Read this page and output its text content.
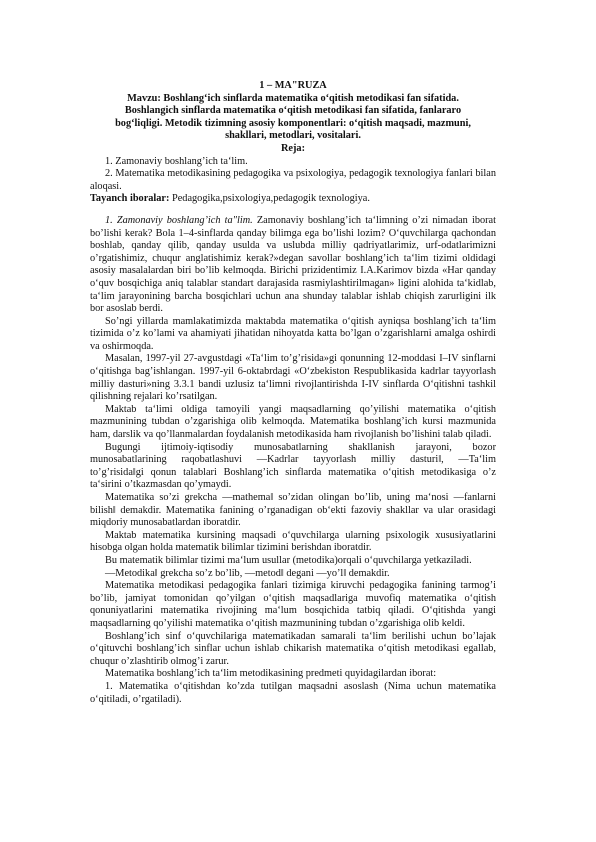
1 – MA"RUZA

Mavzu: Boshlang‘ich sinflarda matematika o‘qitish metodikasi fan sifatida.

Boshlangich sinflarda matematika o‘qitish metodikasi fan sifatida, fanlararo

bog‘liqligi. Metodik tizimning asosiy komponentlari: o‘qitish maqsadi, mazmuni,

shakllari, metodlari, vositalari.

Reja:

1. Zamonaviy boshlang’ich ta‘lim.

2. Matematika metodikasining pedagogika va psixologiya, pedagogik texnologiya fanlari bilan aloqasi.

Tayanch iboralar: Pedagogika,psixologiya,pedagogik texnologiya.

1. Zamonaviy boshlang’ich ta"lim. Zamonaviy boshlang’ich ta‘limning o’zi nimadan iborat bo’lishi kerak? Bola 1–4-sinflarda qanday bilimga ega bo’lishi lozim? O‘quvchilarga qachondan boshlab, qanday qilib, qanday usulda va uslubda milliy qadriyatlarimiz, urf-odatlarimizni o’rgatishimiz, chuqur anglatishimiz kerak?»degan savollar boshlang’ich ta‘lim tizimi oldidagi asosiy masalalardan biri bo’lib kelmoqda. Birichi prizidentimiz I.A.Karimov bizda «Har qanday o‘quv bosqichiga aniq talablar standart darajasida rasmiylashtirilmagan» ligini alohida ta‘kidlab, ta‘lim jarayonining barcha bosqichlari uchun ana shunday talablar ishlab chiqish zarurligini ilk bor asoslab berdi.

So’ngi yillarda mamlakatimizda maktabda matematika o‘qitish ayniqsa boshlang’ich ta‘lim tizimida o’z ko’lami va ahamiyati jihatidan nihoyatda katta bo’lgan o’zgarishlarni amalga oshirdi va oshirmoqda.

Masalan, 1997-yil 27-avgustdagi «Ta‘lim to’g’risida»gi qonunning 12-moddasi I–IV sinflarni o‘qitishga bag’ishlangan. 1997-yil 6-oktabrdagi «O‘zbekiston Respublikasida kadrlar tayyorlash milliy dasturi»ning 3.3.1 bandi uzlusiz ta‘limni rivojlantirishda I-IV sinflarda O‘qitishni tashkil qilishning rejalari ko’rsatilgan.

Maktab ta‘limi oldiga tamoyili yangi maqsadlarning qo’yilishi matematika o‘qitish mazmunining tubdan o’zgarishiga olib kelmoqda. Matematika boshlang’ich kursi mazmunida ham, darslik va qo’llanmalardan foydalanish metodikasida ham rivojlanish bo’lishini talab qiladi.

Bugungi ijtimoiy-iqtisodiy munosabatlarning shakllanish jarayoni, bozor

munosabatlarining raqobatlashuvi ―Kadrlar tayyorlash milliy dasturi‖, ―Ta‘lim

to’g’risida‖gi qonun talablari Boshlang’ich sinflarda matematika o‘qitish metodikasiga o’z ta‘sirini o’tkazmasdan qo’ymaydi.

Matematika so’zi grekcha ―mathema‖ so’zidan olingan bo’lib, uning ma‘nosi ―fanlarni bilish‖ demakdir. Matematika fanining o’rganadigan ob‘ekti fazoviy shakllar va ular orasidagi miqdoriy munosabatlardan iboratdir.

Maktab matematika kursining maqsadi o‘quvchilarga ularning psixologik xususiyatlarini hisobga olgan holda matematik bilimlar tizimini berishdan iboratdir.

Bu matematik bilimlar tizimi ma‘lum usullar (metodika)orqali o‘quvchilarga yetkaziladi.

―Metodika‖ grekcha so’z bo’lib, ―metod‖ degani ―yo’l‖ demakdir.

Matematika metodikasi pedagogika fanlari tizimiga kiruvchi pedagogika fanining tarmog’i bo’lib, jamiyat tomonidan qo’yilgan o‘qitish maqsadlariga muvofiq matematika o‘qitish qonuniyatlarini matematika rivojining ma‘lum bosqichida tatbiq qiladi. O‘qitishda yangi maqsadlarning qo’yilishi matematika o‘qitish mazmunining tubdan o’zgarishiga olib keldi.

Boshlang’ich sinf o‘quvchilariga matematikadan samarali ta‘lim berilishi uchun bo’lajak o‘qituvchi boshlang’ich sinflar uchun ishlab chikarish matematika o‘qitish metodikasi egallab, chuqur o’zlashtirib olmog’i zarur.

Matematika boshlang’ich ta‘lim metodikasining predmeti quyidagilardan iborat:

1. Matematika o‘qitishdan ko’zda tutilgan maqsadni asoslash (Nima uchun matematika o‘qitiladi, o’rgatiladi).
